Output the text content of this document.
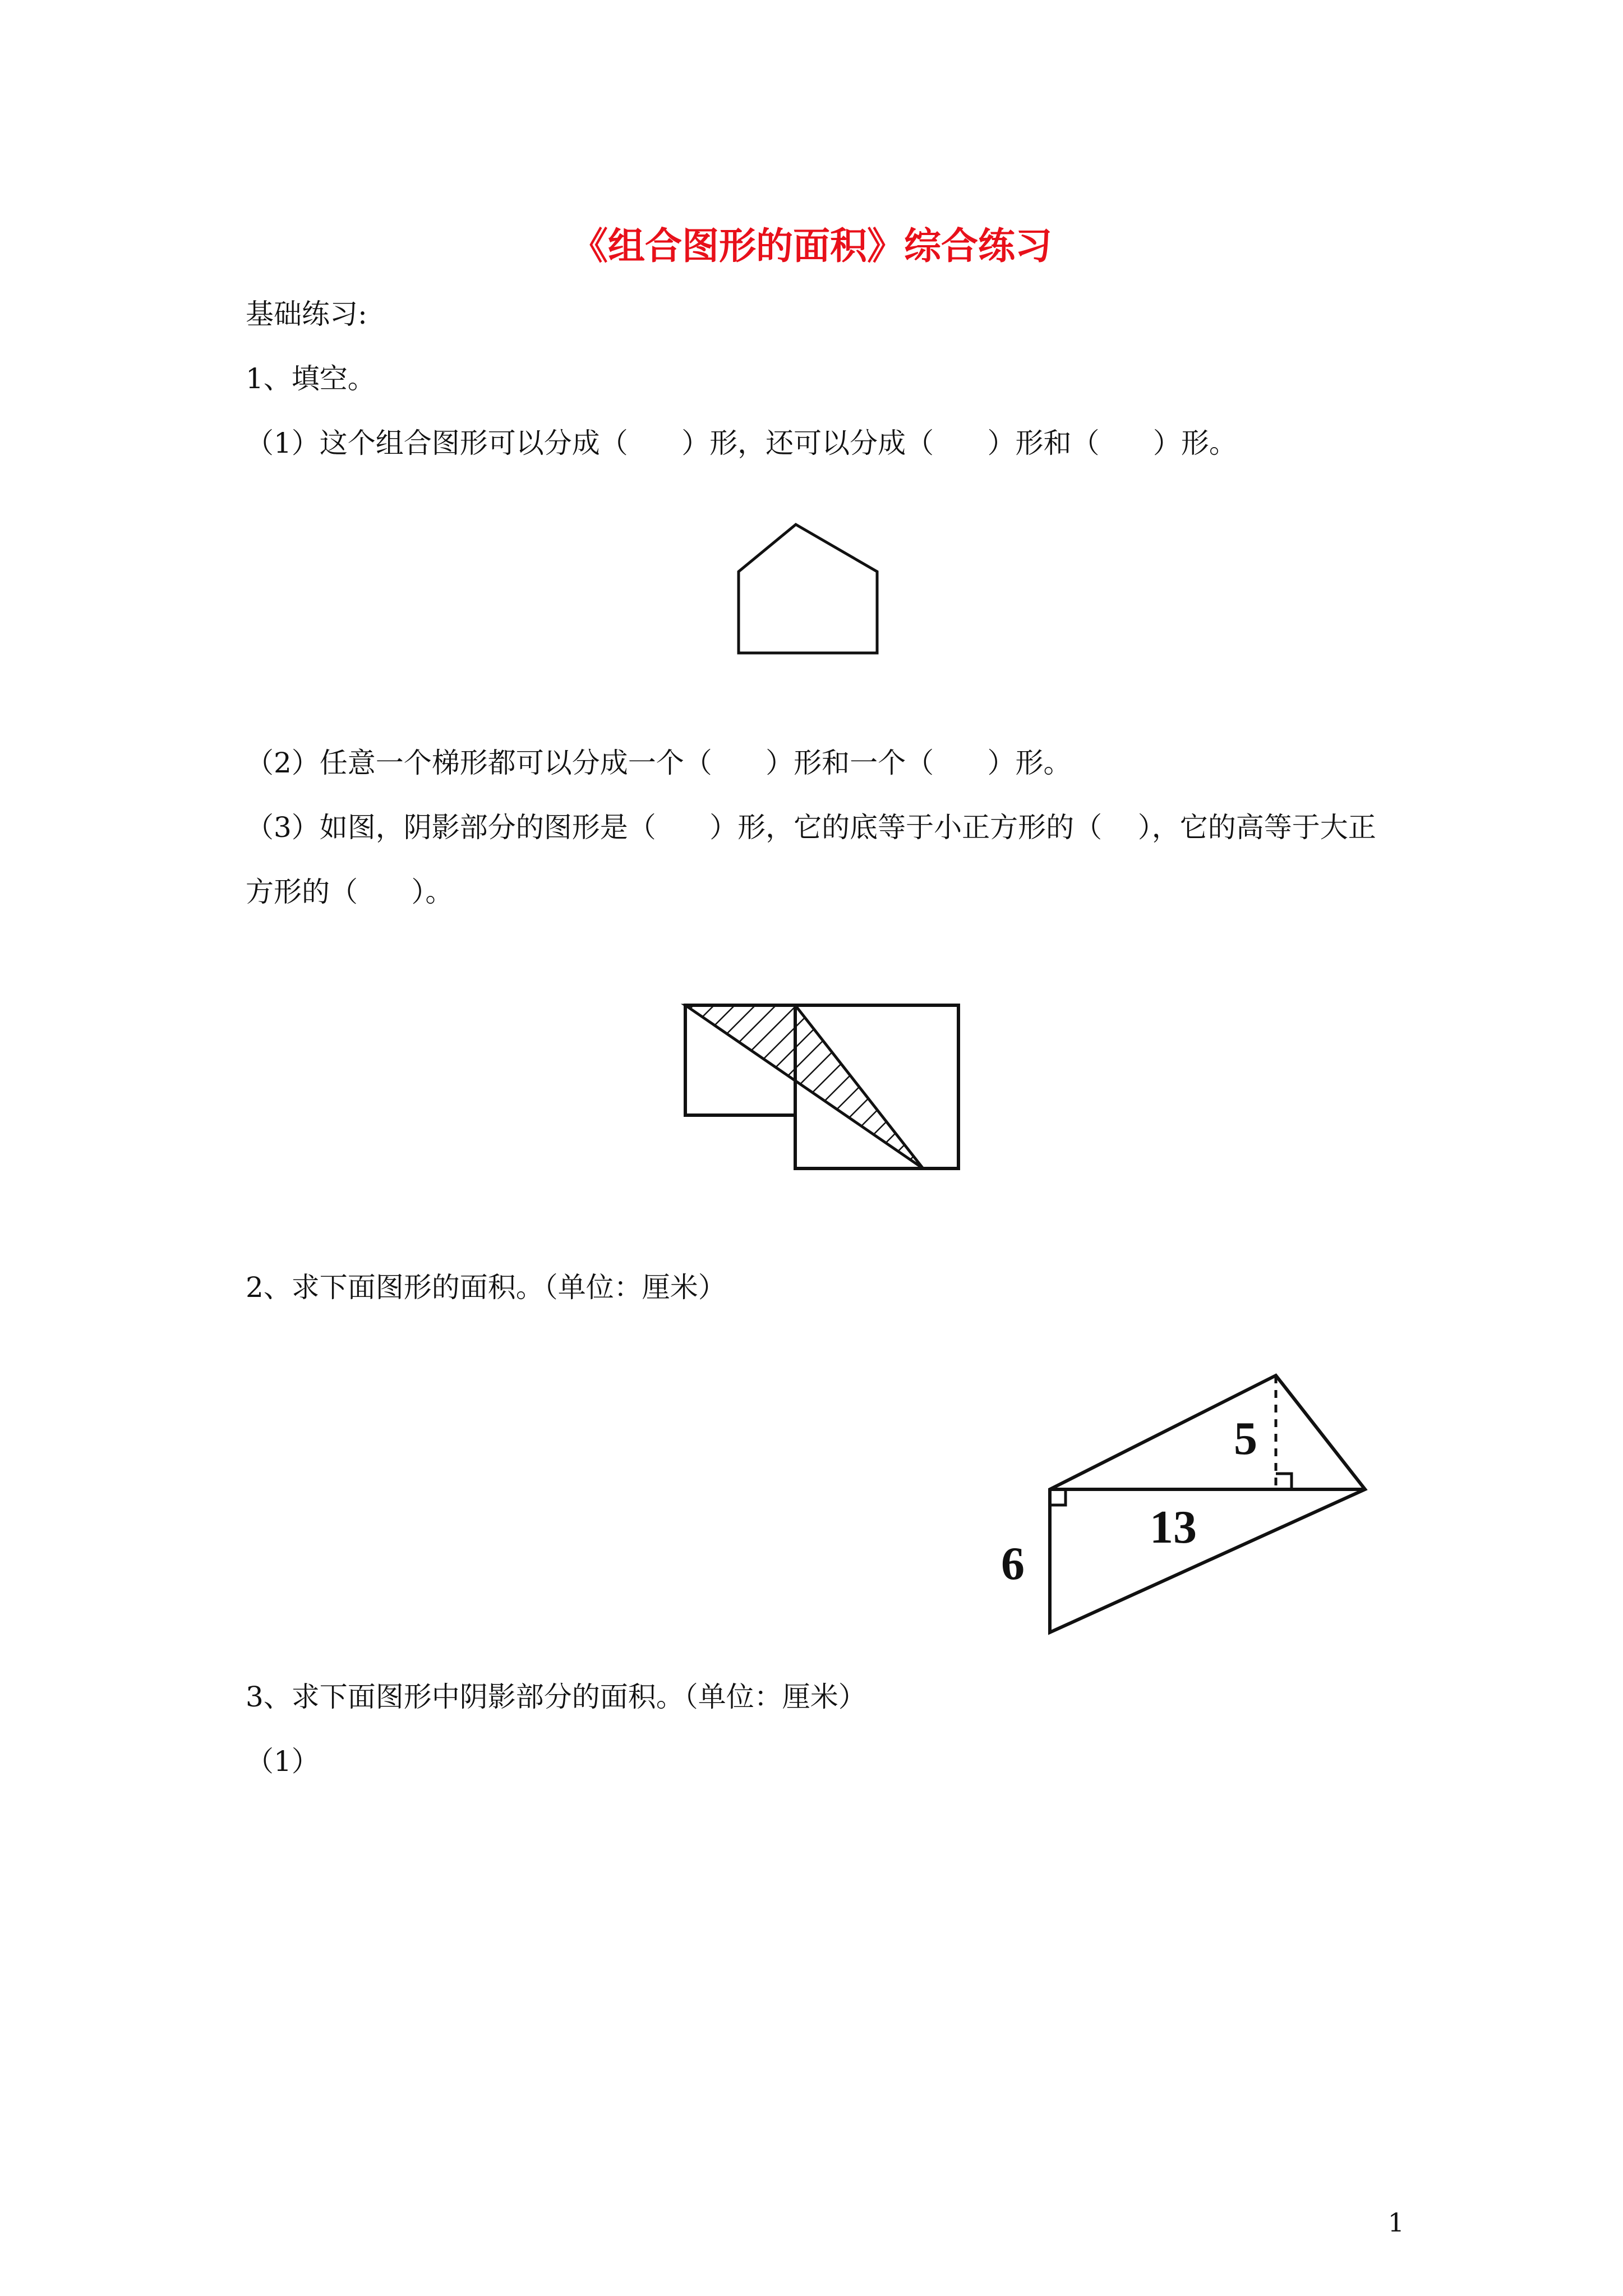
《组合图形的面积》综合练习

基础练习:

1、填空。

（1）这个组合图形可以分成（      ）形，还可以分成（      ）形和（      ）形。

（2）任意一个梯形都可以分成一个（      ）形和一个（      ）形。

（3）如图，阴影部分的图形是（      ）形，它的底等于小正方形的（    ），它的高等于大正

方形的（      ）。

2、求下面图形的面积。（单位：厘米）

5
13
6

3、求下面图形中阴影部分的面积。（单位：厘米）

（1）

1
